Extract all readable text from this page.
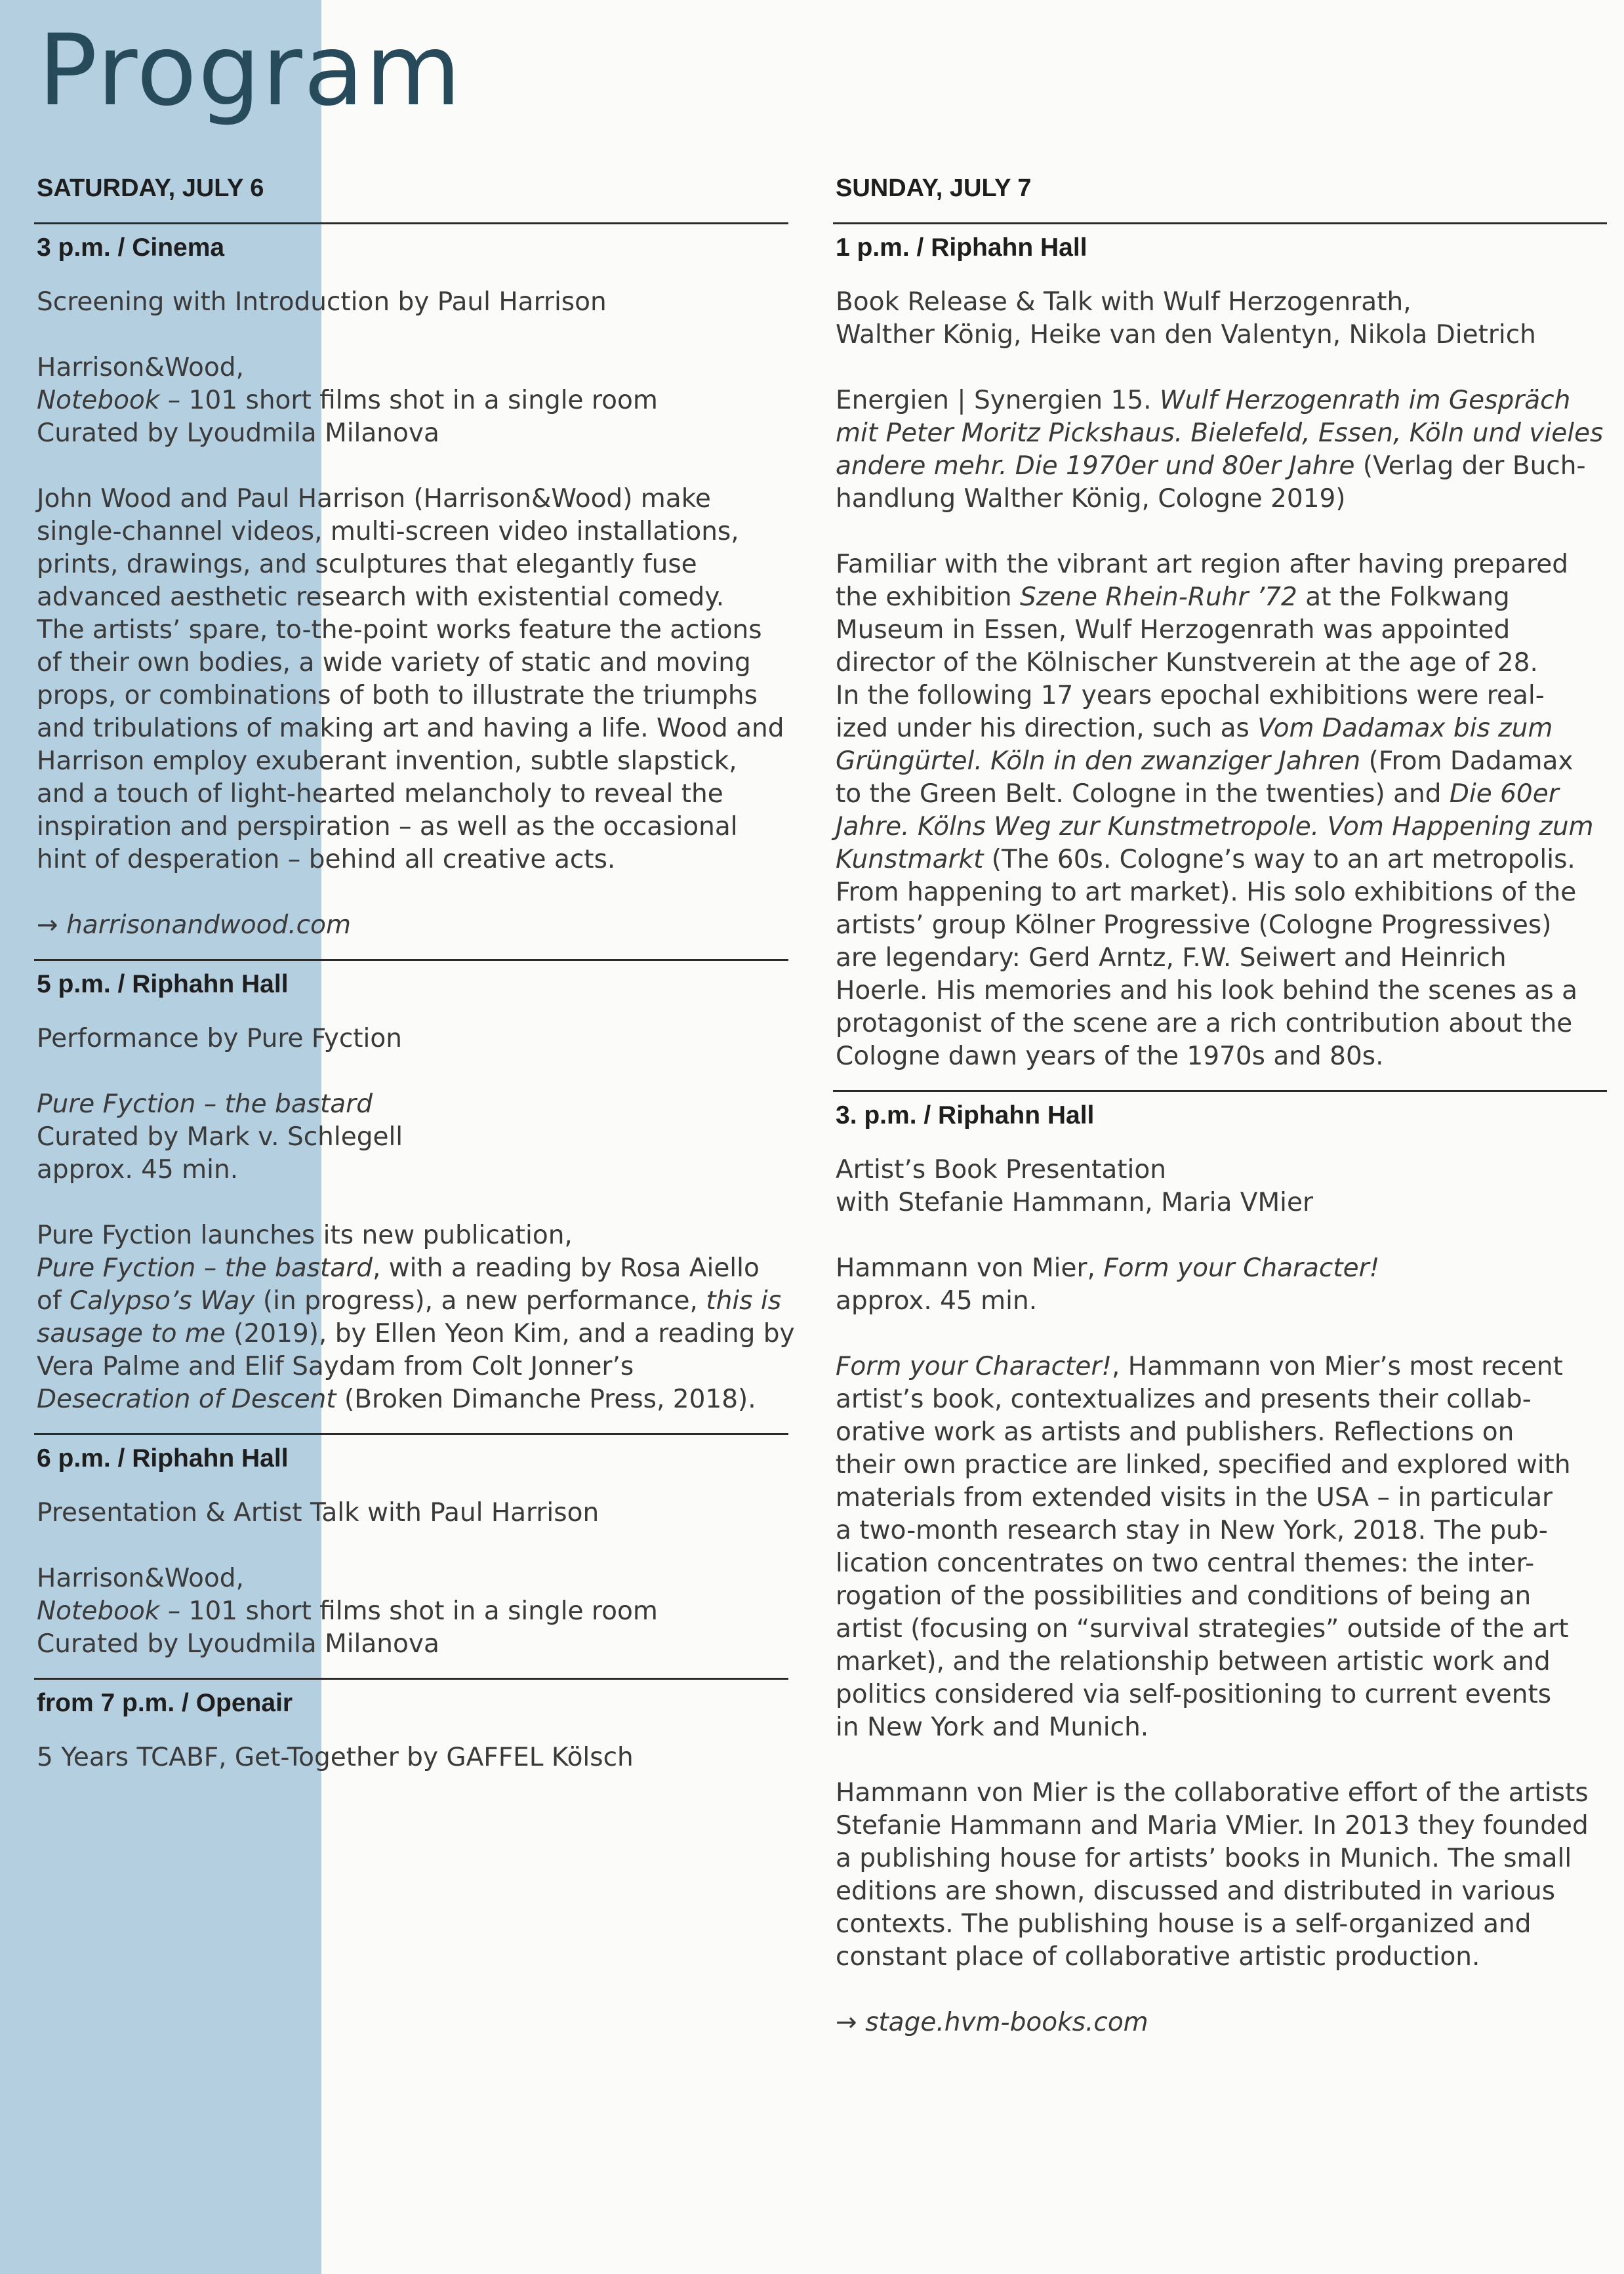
Program
SATURDAY, JULY 6
3 p.m. / Cinema
Screening with Introduction by Paul Harrison
Harrison&Wood,
Notebook – 101 short films shot in a single room
Curated by Lyoudmila Milanova
John Wood and Paul Harrison (Harrison&Wood) make
single-channel videos, multi-screen video installations,
prints, drawings, and sculptures that elegantly fuse
advanced aesthetic research with existential comedy.
The artists’ spare, to-the-point works feature the actions
of their own bodies, a wide variety of static and moving
props, or combinations of both to illustrate the triumphs
and tribulations of making art and having a life. Wood and
Harrison employ exuberant invention, subtle slapstick,
and a touch of light-hearted melancholy to reveal the
inspiration and perspiration – as well as the occasional
hint of desperation – behind all creative acts.
→ harrisonandwood.com
5 p.m. / Riphahn Hall
Performance by Pure Fyction
Pure Fyction – the bastard
Curated by Mark v. Schlegell
approx. 45 min.
Pure Fyction launches its new publication,
Pure Fyction – the bastard, with a reading by Rosa Aiello
of Calypso’s Way (in progress), a new performance, this is
sausage to me (2019), by Ellen Yeon Kim, and a reading by
Vera Palme and Elif Saydam from Colt Jonner’s
Desecration of Descent (Broken Dimanche Press, 2018).
6 p.m. / Riphahn Hall
Presentation & Artist Talk with Paul Harrison
Harrison&Wood,
Notebook – 101 short films shot in a single room
Curated by Lyoudmila Milanova
from 7 p.m. / Openair
5 Years TCABF, Get-Together by GAFFEL Kölsch
SUNDAY, JULY 7
1 p.m. / Riphahn Hall
Book Release & Talk with Wulf Herzogenrath,
Walther König, Heike van den Valentyn, Nikola Dietrich
Energien | Synergien 15. Wulf Herzogenrath im Gespräch
mit Peter Moritz Pickshaus. Bielefeld, Essen, Köln und vieles
andere mehr. Die 1970er und 80er Jahre (Verlag der Buch-
handlung Walther König, Cologne 2019)
Familiar with the vibrant art region after having prepared
the exhibition Szene Rhein-Ruhr ’72 at the Folkwang
Museum in Essen, Wulf Herzogenrath was appointed
director of the Kölnischer Kunstverein at the age of 28.
In the following 17 years epochal exhibitions were real-
ized under his direction, such as Vom Dadamax bis zum
Grüngürtel. Köln in den zwanziger Jahren (From Dadamax
to the Green Belt. Cologne in the twenties) and Die 60er
Jahre. Kölns Weg zur Kunstmetropole. Vom Happening zum
Kunstmarkt (The 60s. Cologne’s way to an art metropolis.
From happening to art market). His solo exhibitions of the
artists’ group Kölner Progressive (Cologne Progressives)
are legendary: Gerd Arntz, F.W. Seiwert and Heinrich
Hoerle. His memories and his look behind the scenes as a
protagonist of the scene are a rich contribution about the
Cologne dawn years of the 1970s and 80s.
3. p.m. / Riphahn Hall
Artist’s Book Presentation
with Stefanie Hammann, Maria VMier
Hammann von Mier, Form your Character!
approx. 45 min.
Form your Character!, Hammann von Mier’s most recent
artist’s book, contextualizes and presents their collab-
orative work as artists and publishers. Reflections on
their own practice are linked, specified and explored with
materials from extended visits in the USA – in particular
a two-month research stay in New York, 2018. The pub-
lication concentrates on two central themes: the inter-
rogation of the possibilities and conditions of being an
artist (focusing on “survival strategies” outside of the art
market), and the relationship between artistic work and
politics considered via self-positioning to current events
in New York and Munich.
Hammann von Mier is the collaborative effort of the artists
Stefanie Hammann and Maria VMier. In 2013 they founded
a publishing house for artists’ books in Munich. The small
editions are shown, discussed and distributed in various
contexts. The publishing house is a self-organized and
constant place of collaborative artistic production.
→ stage.hvm-books.com
